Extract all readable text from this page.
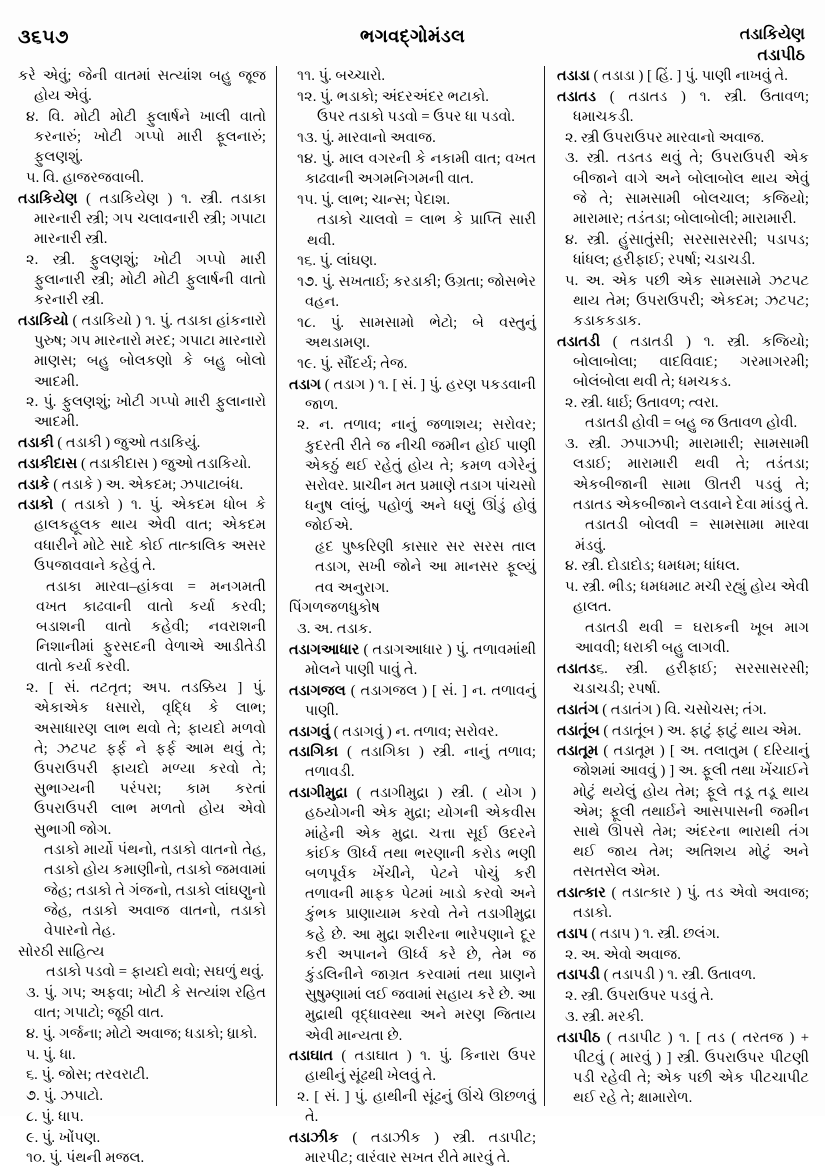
૩૬૫૭	ભગવદ્ગોમંડલ	તડાકિયેણ
તડાપીઠ

કરે એવું; જેની વાતમાં સત્યાંશ બહુ જૂજ હોય એવું.

૪. વિ. મોટી મોટી ફુલાર્ષને ખાલી વાતો કરનારું; ખોટી ગપ્પો મારી ફૂલનારું; ફુલણશું.

૫. વિ. હાજરજવાબી.

તડાકિયેણ ( તડાકિયેણ ) ૧. સ્ત્રી. તડાકા મારનારી સ્ત્રી; ગપ ચલાવનારી સ્ત્રી; ગપાટા મારનારી સ્ત્રી.

૨. સ્ત્રી. ફુલણશું; ખોટી ગપ્પો મારી ફુલાનારી સ્ત્રી; મોટી મોટી ફુલાર્ષની વાતો કરનારી સ્ત્રી.

તડાકિયો ( તડાકિયો ) ૧. પું. તડાકા હાંકનારો પુરુષ; ગપ મારનારો મરદ; ગપાટા મારનારો માણસ; બહુ બોલકણો કે બહુ બોલો આદમી.

૨. પું. ફુલણશું; ખોટી ગપ્પો મારી ફુલાનારો આદમી.

તડાકી ( તડાકી ) જુઓ તડાકિયું.

તડાકીદાસ ( તડાકીદાસ ) જુઓ તડાકિયો.

તડાકે ( તડાકે ) અ. એકદમ; ઝપાટાબંધ.

તડાકો ( તડાકો ) ૧. પું. એકદમ ધોબ કે હાલકહૂલક થાય એવી વાત; એકદમ વધારીને મોટે સાદે કોઈ તાત્કાલિક અસર ઉપજાવવાને કહેવું તે.

તડાકા મારવા–હાંકવા = મનગમતી વખત કાઢવાની વાતો કર્યા કરવી; બડાશની વાતો કહેવી; નવરાશની નિશાનીમાં ફુરસદની વેળાએ આડીતેડી વાતો કર્યા કરવી.

૨. [ સં. તટતૃત; અપ. તડક્કિય ] પું. એકાએક ધસારો, વૃદ્ધિ કે લાભ; અસાધારણ લાભ થવો તે; ફાયદો મળવો તે; ઝટપટ ફર્ફ ને ફર્ફ આમ થવું તે; ઉપરાઉપરી ફાયદો મળ્યા કરવો તે; સુભાગ્યની પરંપરા; કામ કરતાં ઉપરાઉપરી લાભ મળતો હોય એવો સુભાગી જોગ.

તડાકો માર્યો પંથનો, તડાકો વાતનો તેહ, તડાકો હોય કમાણીનો, તડાકો જમવામાં જેહ; તડાકો તે ગંજનો, તડાકો લાંઘણુનો જેહ, તડાકો અવાજ વાતનો, તડાકો વેપારનો તેહ.

સોરઠી સાહિત્ય

તડાકો પડવો = ફાયદો થવો; સઘળું થવું.

૩. પું. ગપ; અફવા; ખોટી કે સત્યાંશ રહિત વાત; ગપાટો; જૂઠી વાત.

૪. પું. ગર્જના; મોટો અવાજ; ધડાકો; ધ્રાકો.

૫. પું. ધા.

૬. પું. જોસ; તરવરાટી.

૭. પું. ઝપાટો.

૮. પું. ધાપ.

૯. પું. ખોંપણ.

૧૦. પું. પંથની મજલ.

૧૧. પું. બચ્ચારો.

૧૨. પું. ભડાકો; અંદરઅંદર ભટાકો.

ઉપર તડાકો પડવો = ઉપર ધા પડવો.

૧૩. પું. મારવાનો અવાજ.

૧૪. પું. માલ વગરની કે નકામી વાત; વખત કાઢવાની અગમનિગમની વાત.

૧૫. પું. લાભ; ચાન્સ; પેદાશ.

તડાકો ચાલવો = લાભ કે પ્રાપ્તિ સારી થવી.

૧૬. પું. લાંઘણ.

૧૭. પું. સખતાર્ઇ; કરડાકી; ઉગ્રતા; જોસભેર વહન.

૧૮. પું. સામસામો ભેટો; બે વસ્તુનું અથડામણ.

૧૯. પું. સૌંદર્ય; તેજ.

તડાગ ( તડાગ ) ૧. [ સં. ] પું. હરણ પકડવાની જાળ.

૨. ન. તળાવ; નાનું જળાશય; સરોવર; કુદરતી રીતે જ નીચી જમીન હોઈ પાણી એકઠું થઈ રહેતું હોય તે; કમળ વગેરેનું સરોવર. પ્રાચીન મત પ્રમાણે તડાગ પાંચસો ધનુષ લાંબું, પહોળું અને ધણું ઊંડું હોવું જોઈએ.

હૃદ પુષ્કરિણી કાસાર સર સરસ તાલ તડાગ, સખી જોને આ માનસર ફૂલ્યું તવ અનુરાગ.

પિંગળજળધુકોષ

૩. અ. તડાક.

તડાગઆધાર ( તડાગઆધાર ) પું. તળાવમાંથી મોલને પાણી પાવું તે.

તડાગજલ ( તડાગજલ ) [ સં. ] ન. તળાવનું પાણી.

તડાગવું ( તડાગવું ) ન. તળાવ; સરોવર.

તડાગિકા ( તડાગિકા ) સ્ત્રી. નાનું તળાવ; તળાવડી.

તડાગીમુદ્રા ( તડાગીમુદ્રા ) સ્ત્રી. ( યોગ ) હઠયોગની એક મુદ્રા; યોગની એકવીસ માંહેની એક મુદ્રા. ચત્તા સૂર્ઇ ઉદરને કાંઈક ઊર્ધ્વ તથા ભરણાની કરોડ ભણી બળપૂર્વક ખેંચીને, પેટને પોચું કરી તળાવની માફક પેટમાં ખાડો કરવો અને કુંભક પ્રાણાયામ કરવો તેને તડાગીમુદ્રા કહે છે. આ મુદ્રા શરીરના ભારેપણાને દૂર કરી અપાનને ઊર્ધ્વ કરે છે, તેમ જ કુંડલિનીને જાગ્રત કરવામાં તથા પ્રાણને સુષુમ્ણામાં લઈ જવામાં સહાય કરે છે. આ મુદ્રાથી વૃદ્ધાવસ્થા અને મરણ જિતાય એવી માન્યતા છે.

તડાઘાત ( તડાઘાત ) ૧. પું. કિનારા ઉપર હાથીનું સૂંઢથી ખેલવું તે.

૨. [ સં. ] પું. હાથીની સૂંઢનું ઊંચે ઊછળવું તે.

તડાઝીક ( તડાઝીક ) સ્ત્રી. તડાપીટ; મારપીટ; વારંવાર સખત રીતે મારવું તે.

તડાડા ( તડાડા ) [ હિં. ] પું. પાણી નાખવું તે.

તડાતડ ( તડાતડ ) ૧. સ્ત્રી. ઉતાવળ; ધમાચકડી.

૨. સ્ત્રી ઉપરાઉપર મારવાનો અવાજ.

૩. સ્ત્રી. તડતડ થવું તે; ઉપરાઉપરી એક બીજાને વાગે અને બોલાબોલ થાય એવું જે તે; સામસામી બોલચાલ; કજિયો; મારામાર; તડંતડા; બોલાબોલી; મારામારી.

૪. સ્ત્રી. હુંસાતુંસી; સરસાસરસી; પડાપડ; ધાંધલ; હરીફાઈ; રપર્ષા; ચડાચડી.

૫. અ. એક પછી એક સામસામે ઝટપટ થાય તેમ; ઉપરાઉપરી; એકદમ; ઝટપટ; કડાકકડાક.

તડાતડી ( તડાતડી ) ૧. સ્ત્રી. કજિયો; બોલાબોલા; વાદવિવાદ; ગરમાગરમી; બોલંબોલા થવી તે; ધમચકડ.

૨. સ્ત્રી. ધાર્ઇ; ઉતાવળ; ત્વરા.

તડાતડી હોવી = બહુ જ ઉતાવળ હોવી.

૩. સ્ત્રી. ઝપાઝપી; મારામારી; સામસામી લડાઈ; મારામારી થવી તે; તડંતડા; એકબીજાની સામા ઊતરી પડવું તે; તડાતડ એકબીજાને લડવાને દેવા માંડવું તે.

તડાતડી બોલવી = સામસામા મારવા મંડવું.

૪. સ્ત્રી. દોડાદોડ; ધમધમ; ધાંધલ.

૫. સ્ત્રી. ભીડ; ધમધમાટ મચી રહ્યું હોય એવી હાલત.

તડાતડી થવી = ઘરાકની ખૂબ માગ આવવી; ધરાકી બહુ લાગવી.

તડાતડ૬. સ્ત્રી. હરીફાઈ; સરસાસરસી; ચડાચડી; રપર્ષા.

તડાતંગ ( તડાતંગ ) વિ. ચસોચસ; તંગ.

તડાતૂંબ ( તડાતૂંબ ) અ. ફાટું ફાટું થાય એમ.

તડાતૂમ ( તડાતૂમ ) [ અ. તલાતુમ ( દરિયાનું જોશમાં આવવું ) ] અ. ફૂલી તથા ખેંચાઈને મોટું થયેલું હોય તેમ; ફૂલે તડૂ તડૂ થાય એમ; ફૂલી તથાર્ઇને આસપાસની જમીન સાથે ઊપસે તેમ; અંદરના ભારાથી તંગ થઈ જાય તેમ; અતિશય મોટું અને તસતસેલ એમ.

તડાત્કાર ( તડાત્કાર ) પું. તડ એવો અવાજ; તડાકો.

તડાપ ( તડાપ ) ૧. સ્ત્રી. છલંગ.

૨. અ. એવો અવાજ.

તડાપડી ( તડાપડી ) ૧. સ્ત્રી. ઉતાવળ.

૨. સ્ત્રી. ઉપરાઉપર પડવું તે.

૩. સ્ત્રી. મરકી.

તડાપીઠ ( તડાપીટ ) ૧. [ તડ ( તરતજ ) + પીટવું ( મારવું ) ] સ્ત્રી. ઉપરાઉપર પીટણી પડી રહેવી તે; એક પછી એક પીટચાપીટ થઈ રહે તે; ક્ષામારોળ.
